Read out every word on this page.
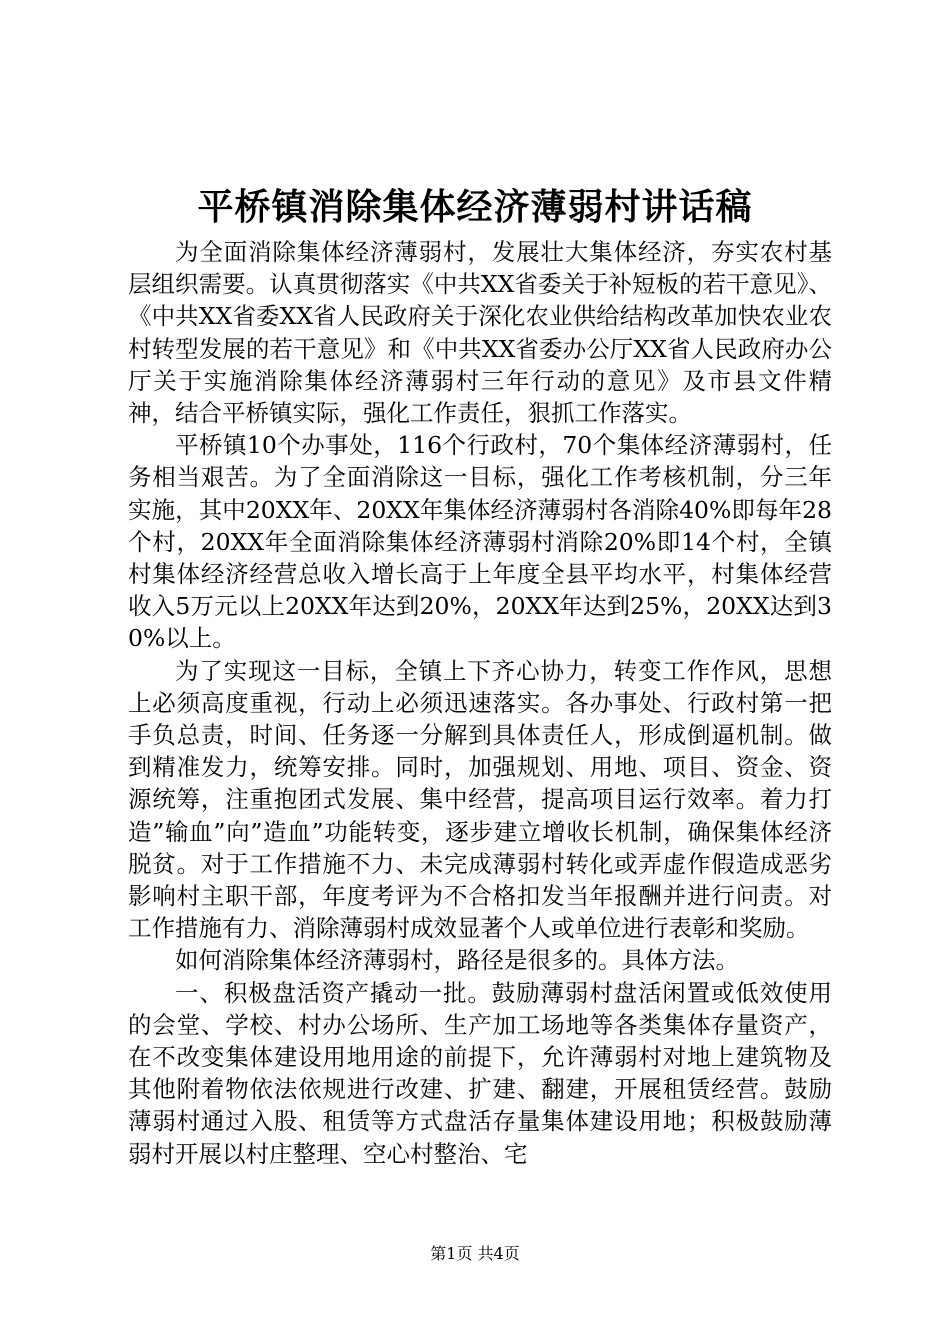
平桥镇消除集体经济薄弱村讲话稿

为全面消除集体经济薄弱村，发展壮大集体经济，夯实农村基层组织需要。认真贯彻落实《中共XX省委关于补短板的若干意见》、《中共XX省委XX省人民政府关于深化农业供给结构改革加快农业农村转型发展的若干意见》和《中共XX省委办公厅XX省人民政府办公厅关于实施消除集体经济薄弱村三年行动的意见》及市县文件精神，结合平桥镇实际，强化工作责任，狠抓工作落实。

平桥镇10个办事处，116个行政村，70个集体经济薄弱村，任务相当艰苦。为了全面消除这一目标，强化工作考核机制，分三年实施，其中20XX年、20XX年集体经济薄弱村各消除40%即每年28个村，20XX年全面消除集体经济薄弱村消除20%即14个村，全镇村集体经济经营总收入增长高于上年度全县平均水平，村集体经营收入5万元以上20XX年达到20%，20XX年达到25%，20XX达到30%以上。

为了实现这一目标，全镇上下齐心协力，转变工作作风，思想上必须高度重视，行动上必须迅速落实。各办事处、行政村第一把手负总责，时间、任务逐一分解到具体责任人，形成倒逼机制。做到精准发力，统筹安排。同时，加强规划、用地、项目、资金、资源统筹，注重抱团式发展、集中经营，提高项目运行效率。着力打造”输血”向”造血”功能转变，逐步建立增收长机制，确保集体经济脱贫。对于工作措施不力、未完成薄弱村转化或弄虚作假造成恶劣影响村主职干部，年度考评为不合格扣发当年报酬并进行问责。对工作措施有力、消除薄弱村成效显著个人或单位进行表彰和奖励。

如何消除集体经济薄弱村，路径是很多的。具体方法。

一、积极盘活资产撬动一批。鼓励薄弱村盘活闲置或低效使用的会堂、学校、村办公场所、生产加工场地等各类集体存量资产，在不改变集体建设用地用途的前提下，允许薄弱村对地上建筑物及其他附着物依法依规进行改建、扩建、翻建，开展租赁经营。鼓励薄弱村通过入股、租赁等方式盘活存量集体建设用地；积极鼓励薄弱村开展以村庄整理、空心村整治、宅

第1页 共4页
